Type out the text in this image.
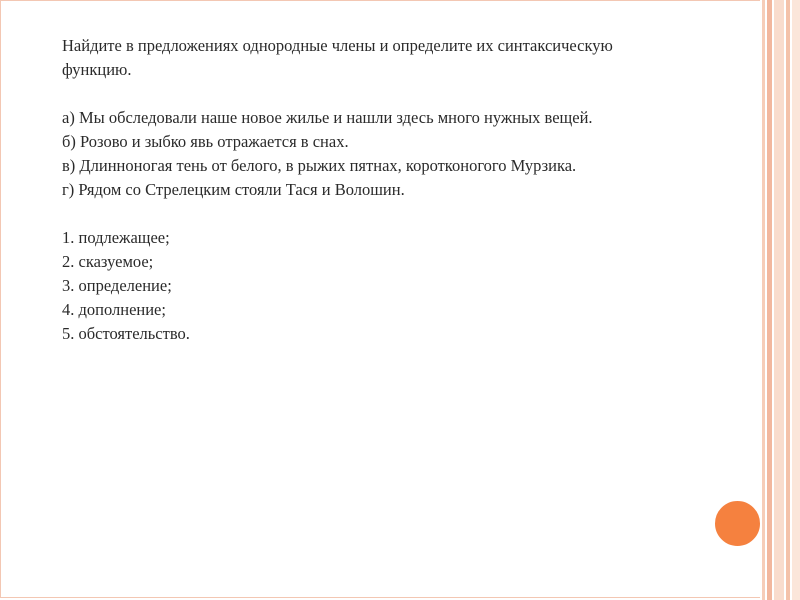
Найдите в предложениях однородные члены и определите их синтаксическую
функцию.
а) Мы обследовали наше новое жилье и нашли здесь много нужных вещей.
б) Розово и зыбко явь отражается в снах.
в) Длинноногая тень от белого, в рыжих пятнах, коротконогого Мурзика.
г) Рядом со Стрелецким стояли Тася и Волошин.
1. подлежащее;
2. сказуемое;
3. определение;
4. дополнение;
5. обстоятельство.
